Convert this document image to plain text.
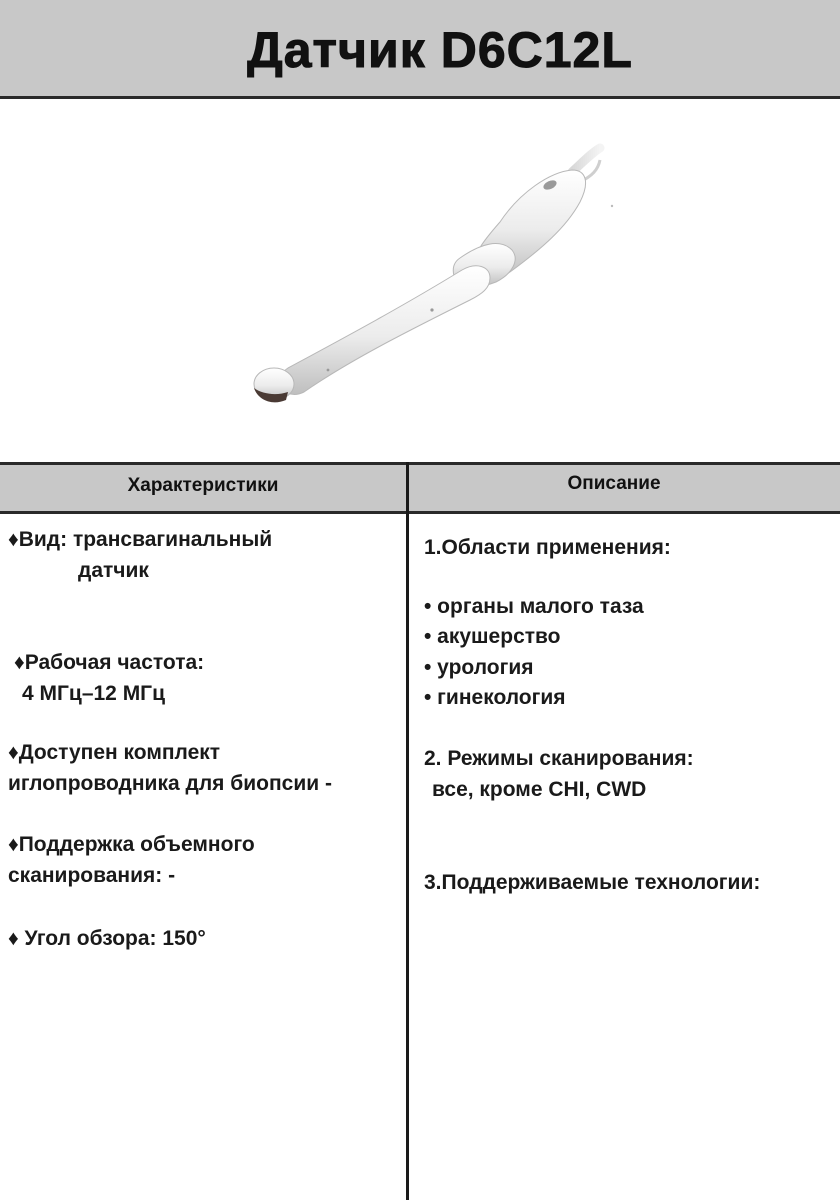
Датчик D6C12L
Характеристики	Описание
♦Вид: трансвагинальный
датчик
♦Рабочая частота:
4 МГц–12 МГц
♦Доступен комплект
иглопроводника для биопсии -
♦Поддержка объемного
сканирования: -
♦ Угол обзора: 150°
1.Области применения:
• органы малого таза
• акушерство
• урология
• гинекология
2. Режимы сканирования:
все, кроме CHI, CWD
3.Поддерживаемые технологии:
